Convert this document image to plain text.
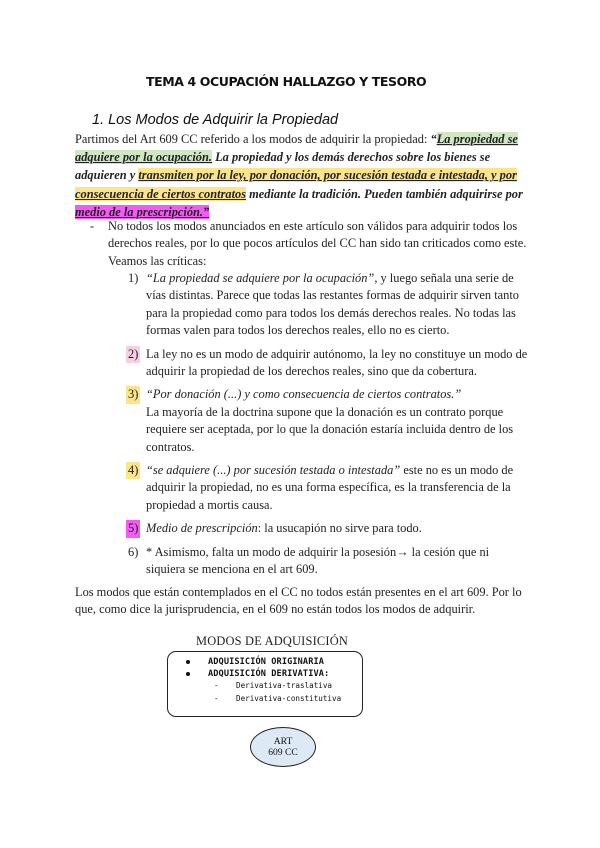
TEMA 4 OCUPACIÓN HALLAZGO Y TESORO
1. Los Modos de Adquirir la Propiedad

Partimos del Art 609 CC referido a los modos de adquirir la propiedad: “La propiedad se adquiere por la ocupación. La propiedad y los demás derechos sobre los bienes se adquieren y transmiten por la ley, por donación, por sucesión testada e intestada, y por consecuencia de ciertos contratos mediante la tradición. Pueden también adquirirse por medio de la prescripción.”

- No todos los modos anunciados en este artículo son válidos para adquirir todos los derechos reales, por lo que pocos artículos del CC han sido tan criticados como este. Veamos las críticas:
1) “La propiedad se adquiere por la ocupación”, y luego señala una serie de vías distintas. Parece que todas las restantes formas de adquirir sirven tanto para la propiedad como para todos los demás derechos reales. No todas las formas valen para todos los derechos reales, ello no es cierto.
2) La ley no es un modo de adquirir autónomo, la ley no constituye un modo de adquirir la propiedad de los derechos reales, sino que da cobertura.
3) “Por donación (...) y como consecuencia de ciertos contratos.”
La mayoría de la doctrina supone que la donación es un contrato porque requiere ser aceptada, por lo que la donación estaría incluida dentro de los contratos.
4) “se adquiere (...) por sucesión testada o intestada” este no es un modo de adquirir la propiedad, no es una forma específica, es la transferencia de la propiedad a mortis causa.
5) Medio de prescripción: la usucapión no sirve para todo.
6) * Asimismo, falta un modo de adquirir la posesión→ la cesión que ni siquiera se menciona en el art 609.

Los modos que están contemplados en el CC no todos están presentes en el art 609. Por lo que, como dice la jurisprudencia, en el 609 no están todos los modos de adquirir.

MODOS DE ADQUISICIÓN
ADQUISICIÓN ORIGINARIA
ADQUISICIÓN DERIVATIVA:
- Derivativa-traslativa
- Derivativa-constitutiva
ART
609 CC
